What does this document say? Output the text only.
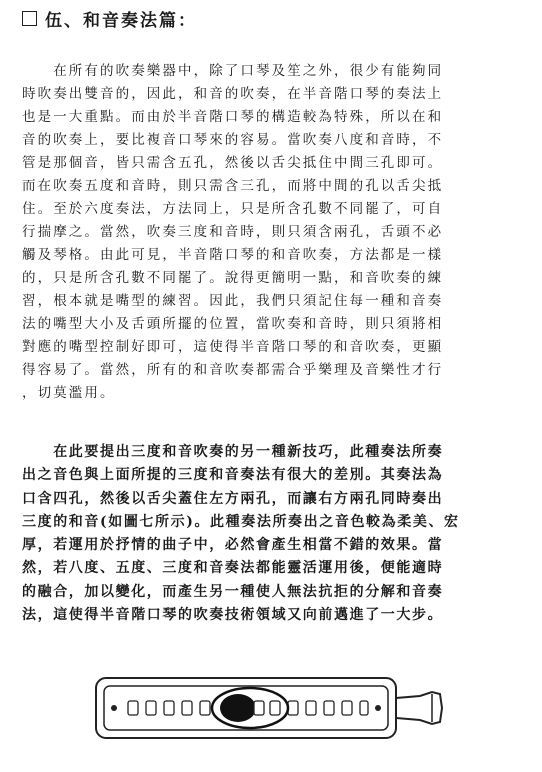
伍、和音奏法篇：
　　在所有的吹奏樂器中，除了口琴及笙之外，很少有能夠同
時吹奏出雙音的，因此，和音的吹奏，在半音階口琴的奏法上
也是一大重點。而由於半音階口琴的構造較為特殊，所以在和
音的吹奏上，要比複音口琴來的容易。當吹奏八度和音時，不
管是那個音，皆只需含五孔，然後以舌尖抵住中間三孔即可。
而在吹奏五度和音時，則只需含三孔，而將中間的孔以舌尖抵
住。至於六度奏法，方法同上，只是所含孔數不同罷了，可自
行揣摩之。當然，吹奏三度和音時，則只須含兩孔，舌頭不必
觸及琴格。由此可見，半音階口琴的和音吹奏，方法都是一樣
的，只是所含孔數不同罷了。說得更簡明一點，和音吹奏的練
習，根本就是嘴型的練習。因此，我們只須記住每一種和音奏
法的嘴型大小及舌頭所擺的位置，當吹奏和音時，則只須將相
對應的嘴型控制好即可，這使得半音階口琴的和音吹奏，更顯
得容易了。當然，所有的和音吹奏都需合乎樂理及音樂性才行
，切莫濫用。
　　在此要提出三度和音吹奏的另一種新技巧，此種奏法所奏
出之音色與上面所提的三度和音奏法有很大的差別。其奏法為
口含四孔，然後以舌尖蓋住左方兩孔，而讓右方兩孔同時奏出
三度的和音(如圖七所示)。此種奏法所奏出之音色較為柔美、宏
厚，若運用於抒情的曲子中，必然會產生相當不錯的效果。當
然，若八度、五度、三度和音奏法都能靈活運用後，便能適時
的融合，加以變化，而產生另一種使人無法抗拒的分解和音奏
法，這使得半音階口琴的吹奏技術領域又向前邁進了一大步。
